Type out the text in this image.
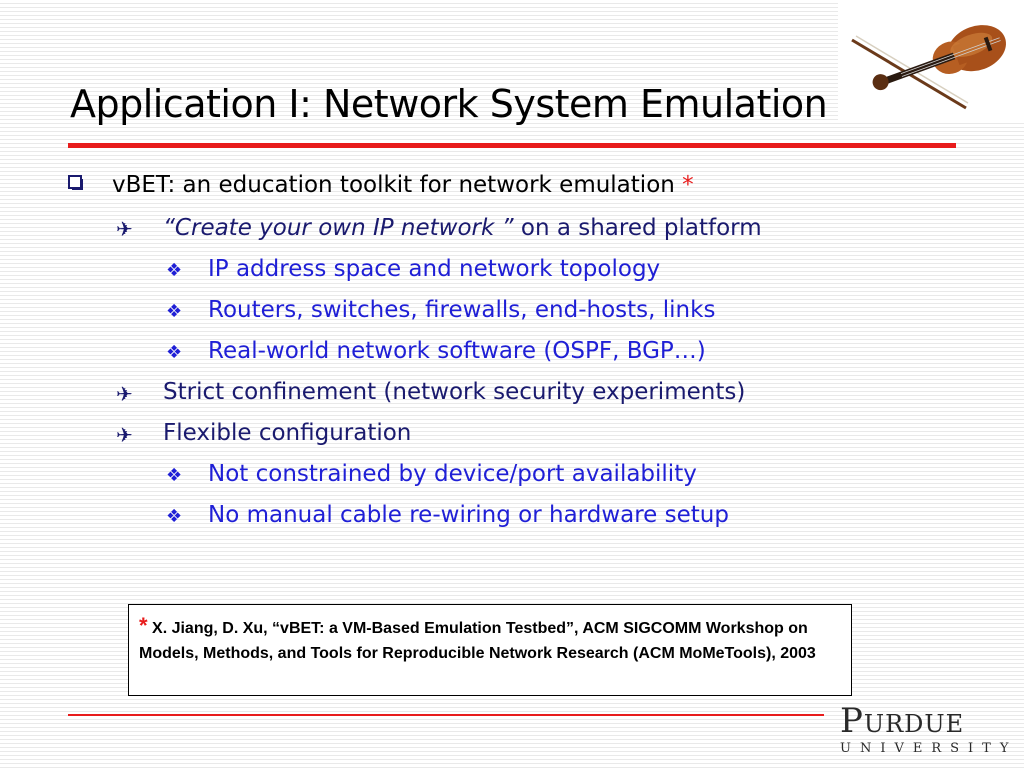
Application I: Network System Emulation
vBET: an education toolkit for network emulation *
✈ “Create your own IP network ” on a shared platform
❖ IP address space and network topology
❖ Routers, switches, firewalls, end-hosts, links
❖ Real-world network software (OSPF, BGP…)
✈ Strict confinement (network security experiments)
✈ Flexible configuration
❖ Not constrained by device/port availability
❖ No manual cable re-wiring or hardware setup
* X. Jiang, D. Xu, “vBET: a VM-Based Emulation Testbed”, ACM SIGCOMM Workshop on Models, Methods, and Tools for Reproducible Network Research (ACM MoMeTools), 2003
Purdue
UNIVERSITY
